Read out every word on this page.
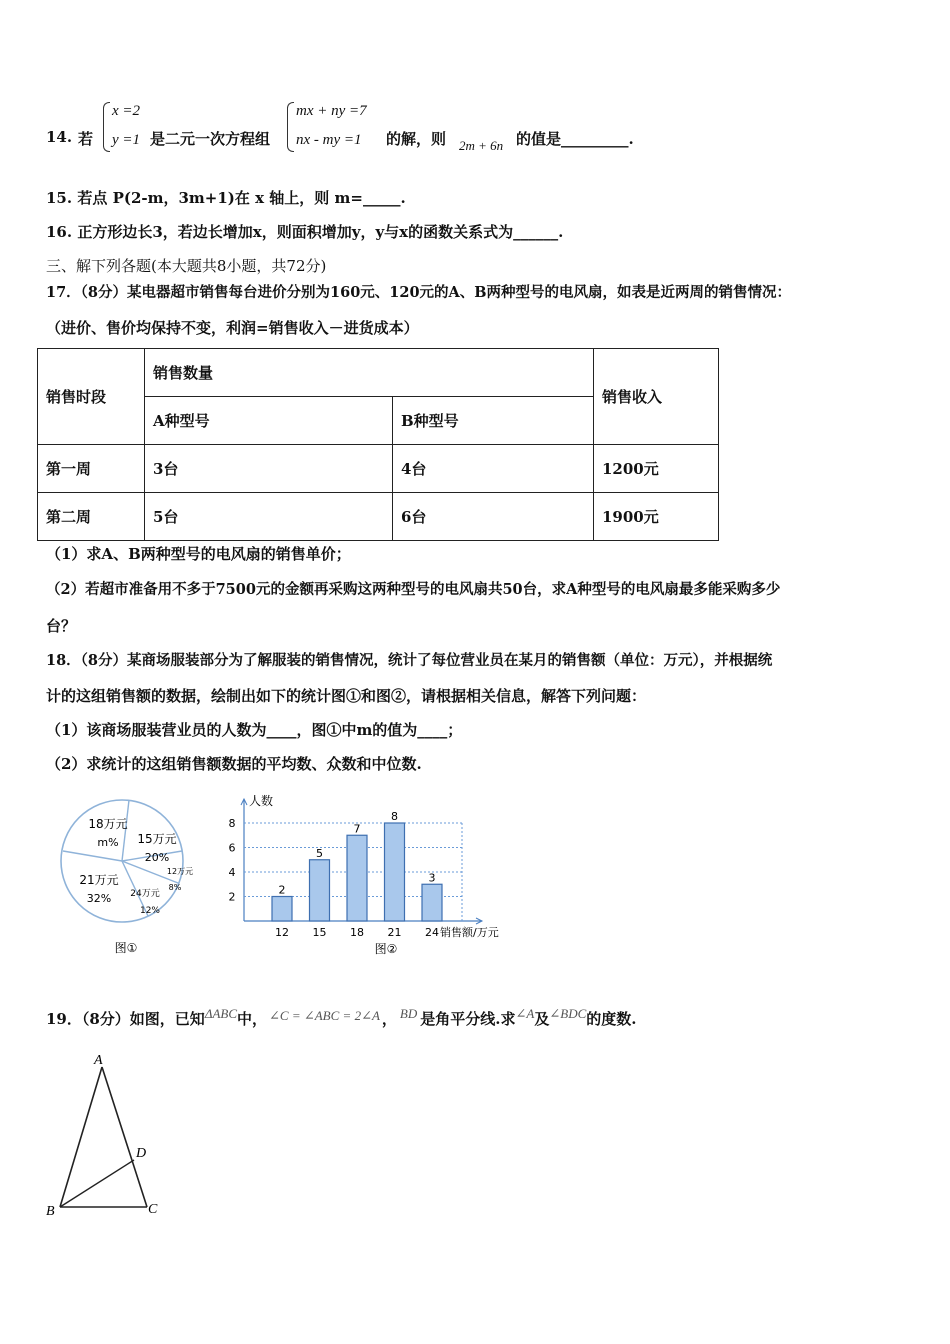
14. 若
x =2
y =1 是二元一次方程组
mx + ny =7
nx - my =1 的解，则 2m + 6n 的值是_________.
15. 若点 P(2-m，3m+1)在 x 轴上，则 m=_____.
16. 正方形边长3，若边长增加x，则面积增加y，y与x的函数关系式为______.
三、解下列各题(本大题共8小题，共72分)
17．（8分）某电器超市销售每台进价分别为160元、120元的A、B两种型号的电风扇，如表是近两周的销售情况：
（进价、售价均保持不变，利润=销售收入－进货成本）
销售时段	销售数量		销售收入
	A种型号	B种型号	
第一周	3台	4台	1200元
第二周	5台	6台	1900元
（1）求A、B两种型号的电风扇的销售单价；
（2）若超市准备用不多于7500元的金额再采购这两种型号的电风扇共50台，求A种型号的电风扇最多能采购多少
台？
18．（8分）某商场服装部分为了解服装的销售情况，统计了每位营业员在某月的销售额（单位：万元），并根据统
计的这组销售额的数据，绘制出如下的统计图①和图②，请根据相关信息，解答下列问题：
（1）该商场服装营业员的人数为____，图①中m的值为____；
（2）求统计的这组销售额数据的平均数、众数和中位数.
18万元
m% 15万元
20%
12万元
8%
24万元
12%
21万元
32%
图①
人数
销售额/万元
图②
2
4
6
8
2
12
5
15
7
18
8
21
3
24
19．（8分）如图，已知ΔABC中， ∠C = ∠ABC = 2∠A ， BD 是角平分线.求∠A及∠BDC的度数.
A
B	C
D
